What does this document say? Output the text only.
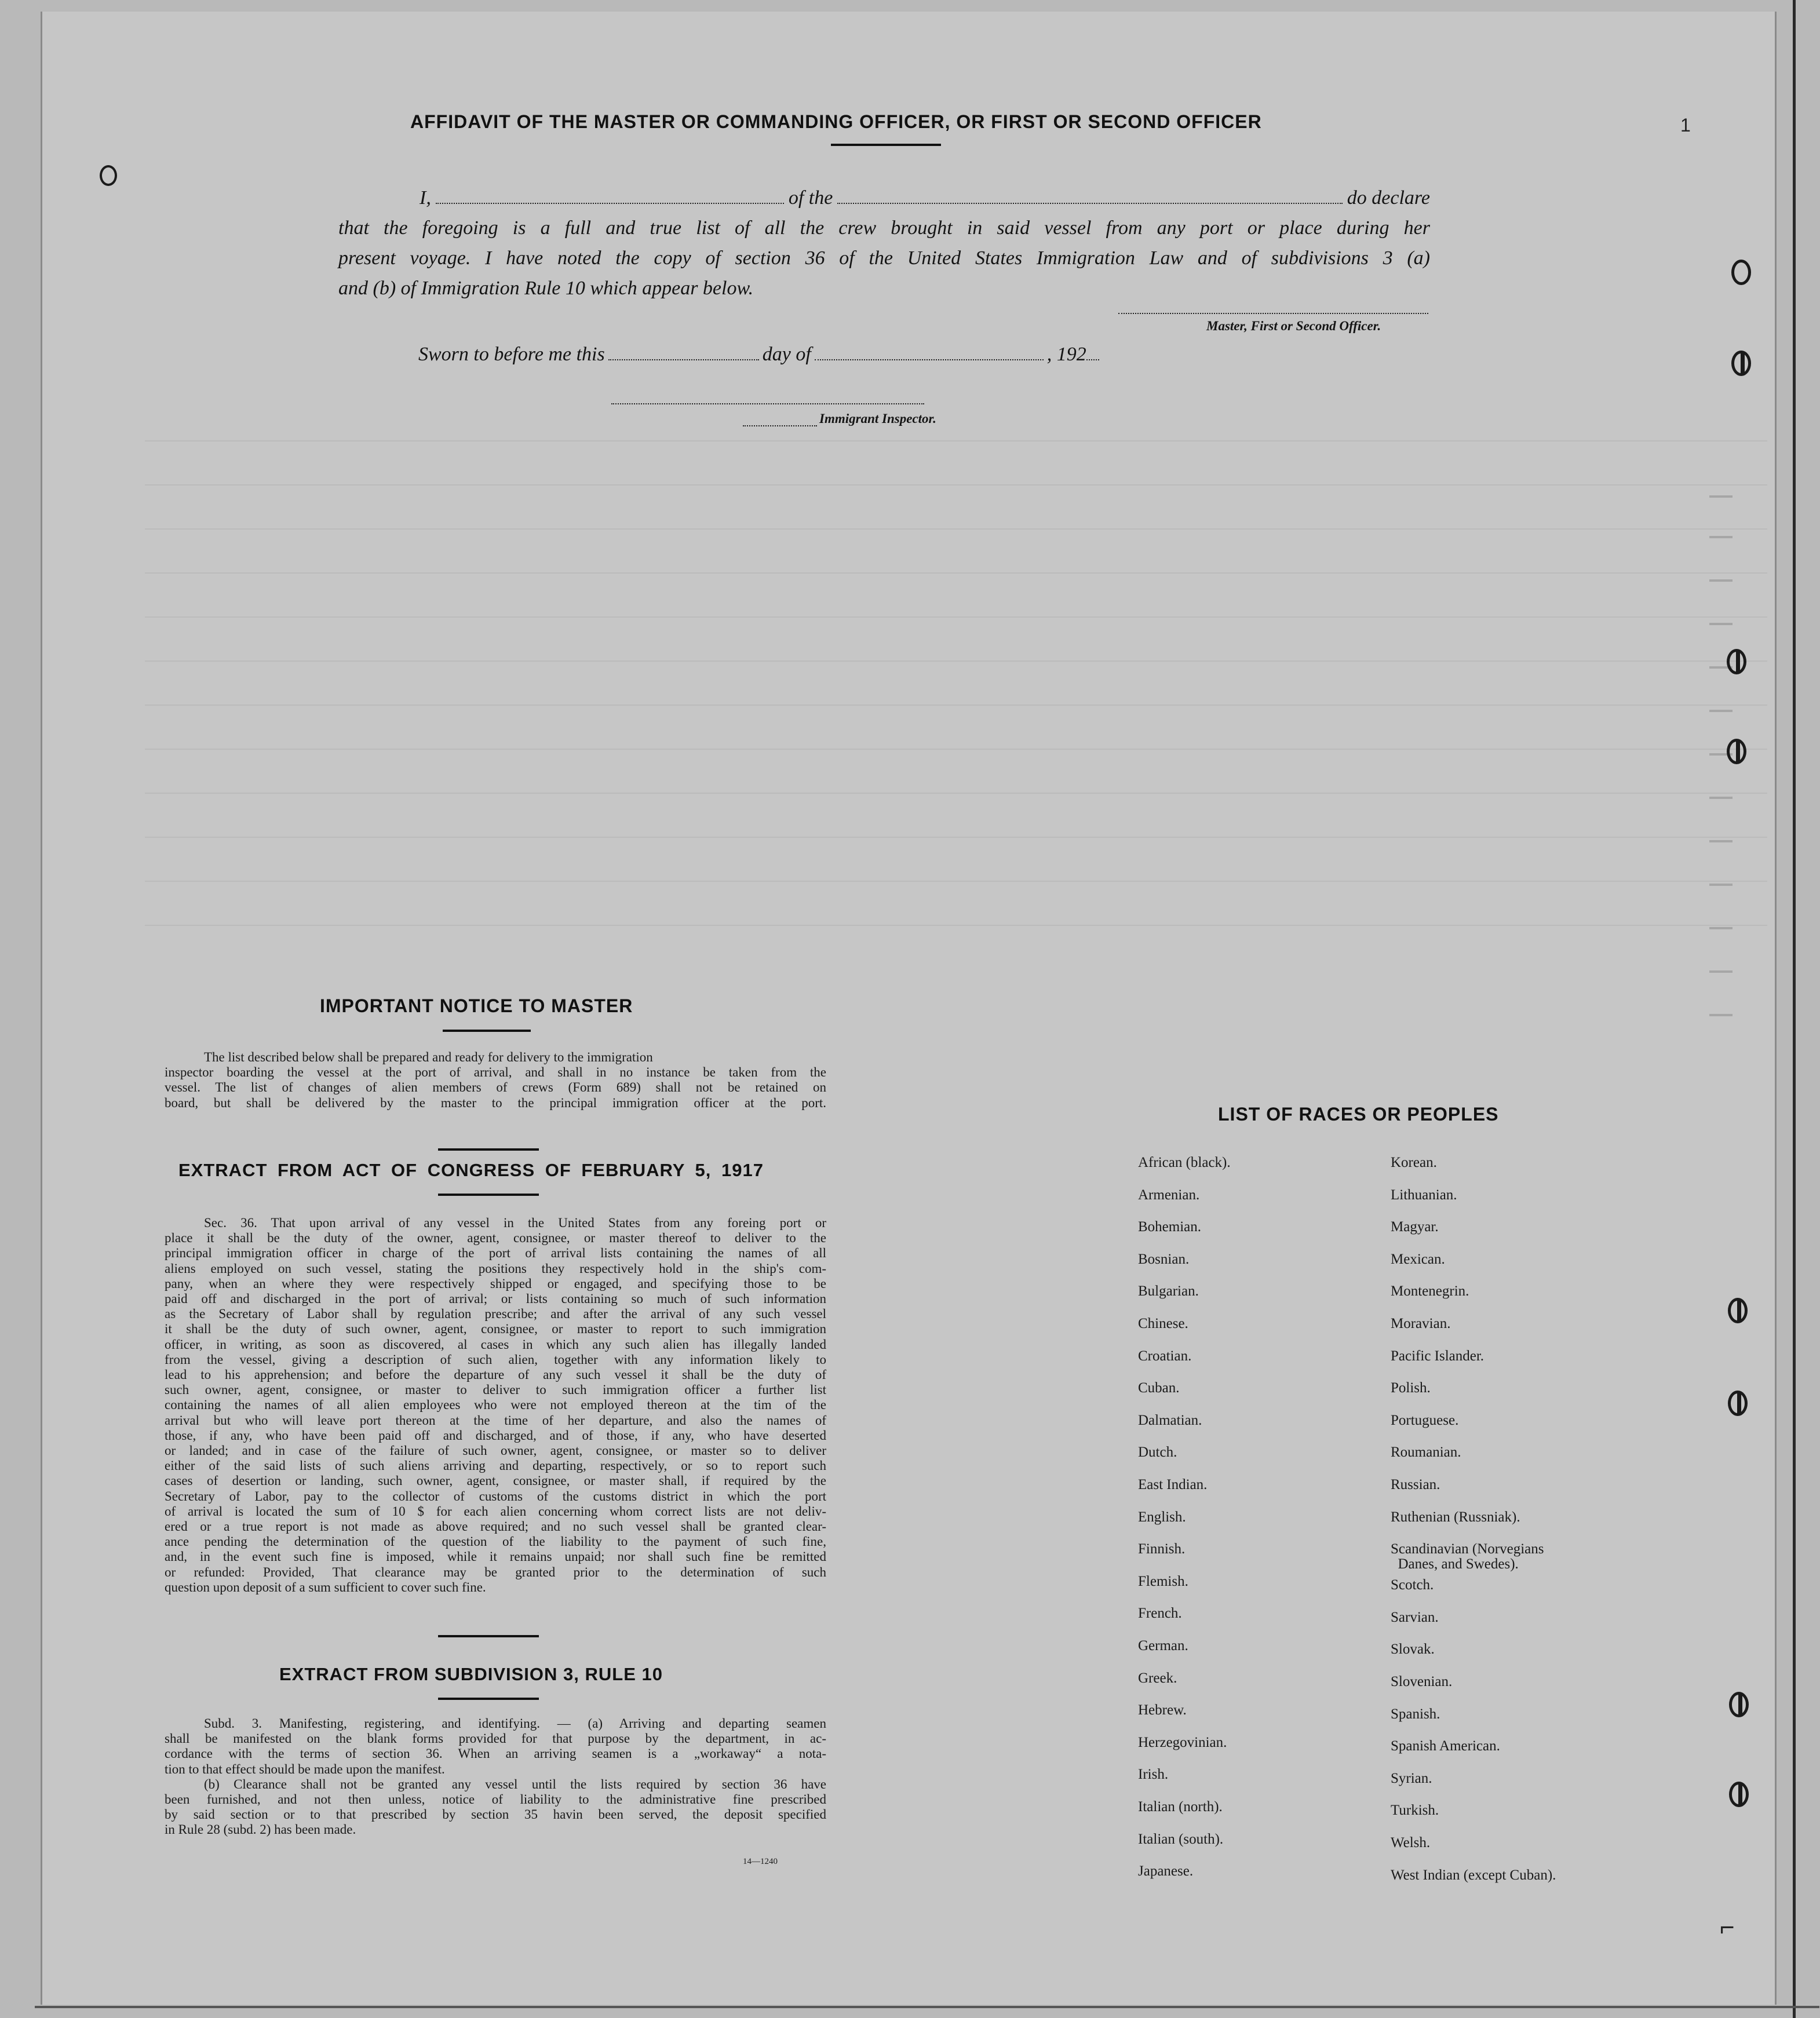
1
AFFIDAVIT OF THE MASTER OR COMMANDING OFFICER, OR FIRST OR SECOND OFFICER
I,	of the	do declare
that the foregoing is a full and true list of all the crew brought in said vessel from any port or place during her
present voyage. I have noted the copy of section 36 of the United States Immigration Law and of subdivisions 3 (a)
and (b) of Immigration Rule 10 which appear below.
Master, First or Second Officer.
Sworn to before me this	day of	, 192
Immigrant Inspector.
IMPORTANT NOTICE TO MASTER
The list described below shall be prepared and ready for delivery to the immigration
inspector boarding the vessel at the port of arrival, and shall in no instance be taken from the
vessel. The list of changes of alien members of crews (Form 689) shall not be retained on
board, but shall be delivered by the master to the principal immigration officer at the port.
EXTRACT FROM ACT OF CONGRESS OF FEBRUARY 5, 1917
Sec. 36. That upon arrival of any vessel in the United States from any foreing port or
place it shall be the duty of the owner, agent, consignee, or master thereof to deliver to the
principal immigration officer in charge of the port of arrival lists containing the names of all
aliens employed on such vessel, stating the positions they respectively hold in the ship's com-
pany, when an where they were respectively shipped or engaged, and specifying those to be
paid off and discharged in the port of arrival; or lists containing so much of such information
as the Secretary of Labor shall by regulation prescribe; and after the arrival of any such vessel
it shall be the duty of such owner, agent, consignee, or master to report to such immigration
officer, in writing, as soon as discovered, al cases in which any such alien has illegally landed
from the vessel, giving a description of such alien, together with any information likely to
lead to his apprehension; and before the departure of any such vessel it shall be the duty of
such owner, agent, consignee, or master to deliver to such immigration officer a further list
containing the names of all alien employees who were not employed thereon at the tim of the
arrival but who will leave port thereon at the time of her departure, and also the names of
those, if any, who have been paid off and discharged, and of those, if any, who have deserted
or landed; and in case of the failure of such owner, agent, consignee, or master so to deliver
either of the said lists of such aliens arriving and departing, respectively, or so to report such
cases of desertion or landing, such owner, agent, consignee, or master shall, if required by the
Secretary of Labor, pay to the collector of customs of the customs district in which the port
of arrival is located the sum of 10 $ for each alien concerning whom correct lists are not deliv-
ered or a true report is not made as above required; and no such vessel shall be granted clear-
ance pending the determination of the question of the liability to the payment of such fine,
and, in the event such fine is imposed, while it remains unpaid; nor shall such fine be remitted
or refunded: Provided, That clearance may be granted prior to the determination of such
question upon deposit of a sum sufficient to cover such fine.
EXTRACT FROM SUBDIVISION 3, RULE 10
Subd. 3. Manifesting, registering, and identifying. — (a) Arriving and departing seamen
shall be manifested on the blank forms provided for that purpose by the department, in ac-
cordance with the terms of section 36. When an arriving seamen is a „workaway“ a nota-
tion to that effect should be made upon the manifest.
(b) Clearance shall not be granted any vessel until the lists required by section 36 have
been furnished, and not then unless, notice of liability to the administrative fine prescribed
by said section or to that prescribed by section 35 havin been served, the deposit specified
in Rule 28 (subd. 2) has been made.
14—1240
LIST OF RACES OR PEOPLES
African (black).
Armenian.
Bohemian.
Bosnian.
Bulgarian.
Chinese.
Croatian.
Cuban.
Dalmatian.
Dutch.
East Indian.
English.
Finnish.
Flemish.
French.
German.
Greek.
Hebrew.
Herzegovinian.
Irish.
Italian (north).
Italian (south).
Japanese.
Korean.
Lithuanian.
Magyar.
Mexican.
Montenegrin.
Moravian.
Pacific Islander.
Polish.
Portuguese.
Roumanian.
Russian.
Ruthenian (Russniak).
Scandinavian (Norvegians
Danes, and Swedes).
Scotch.
Sarvian.
Slovak.
Slovenian.
Spanish.
Spanish American.
Syrian.
Turkish.
Welsh.
West Indian (except Cuban).
⌐
